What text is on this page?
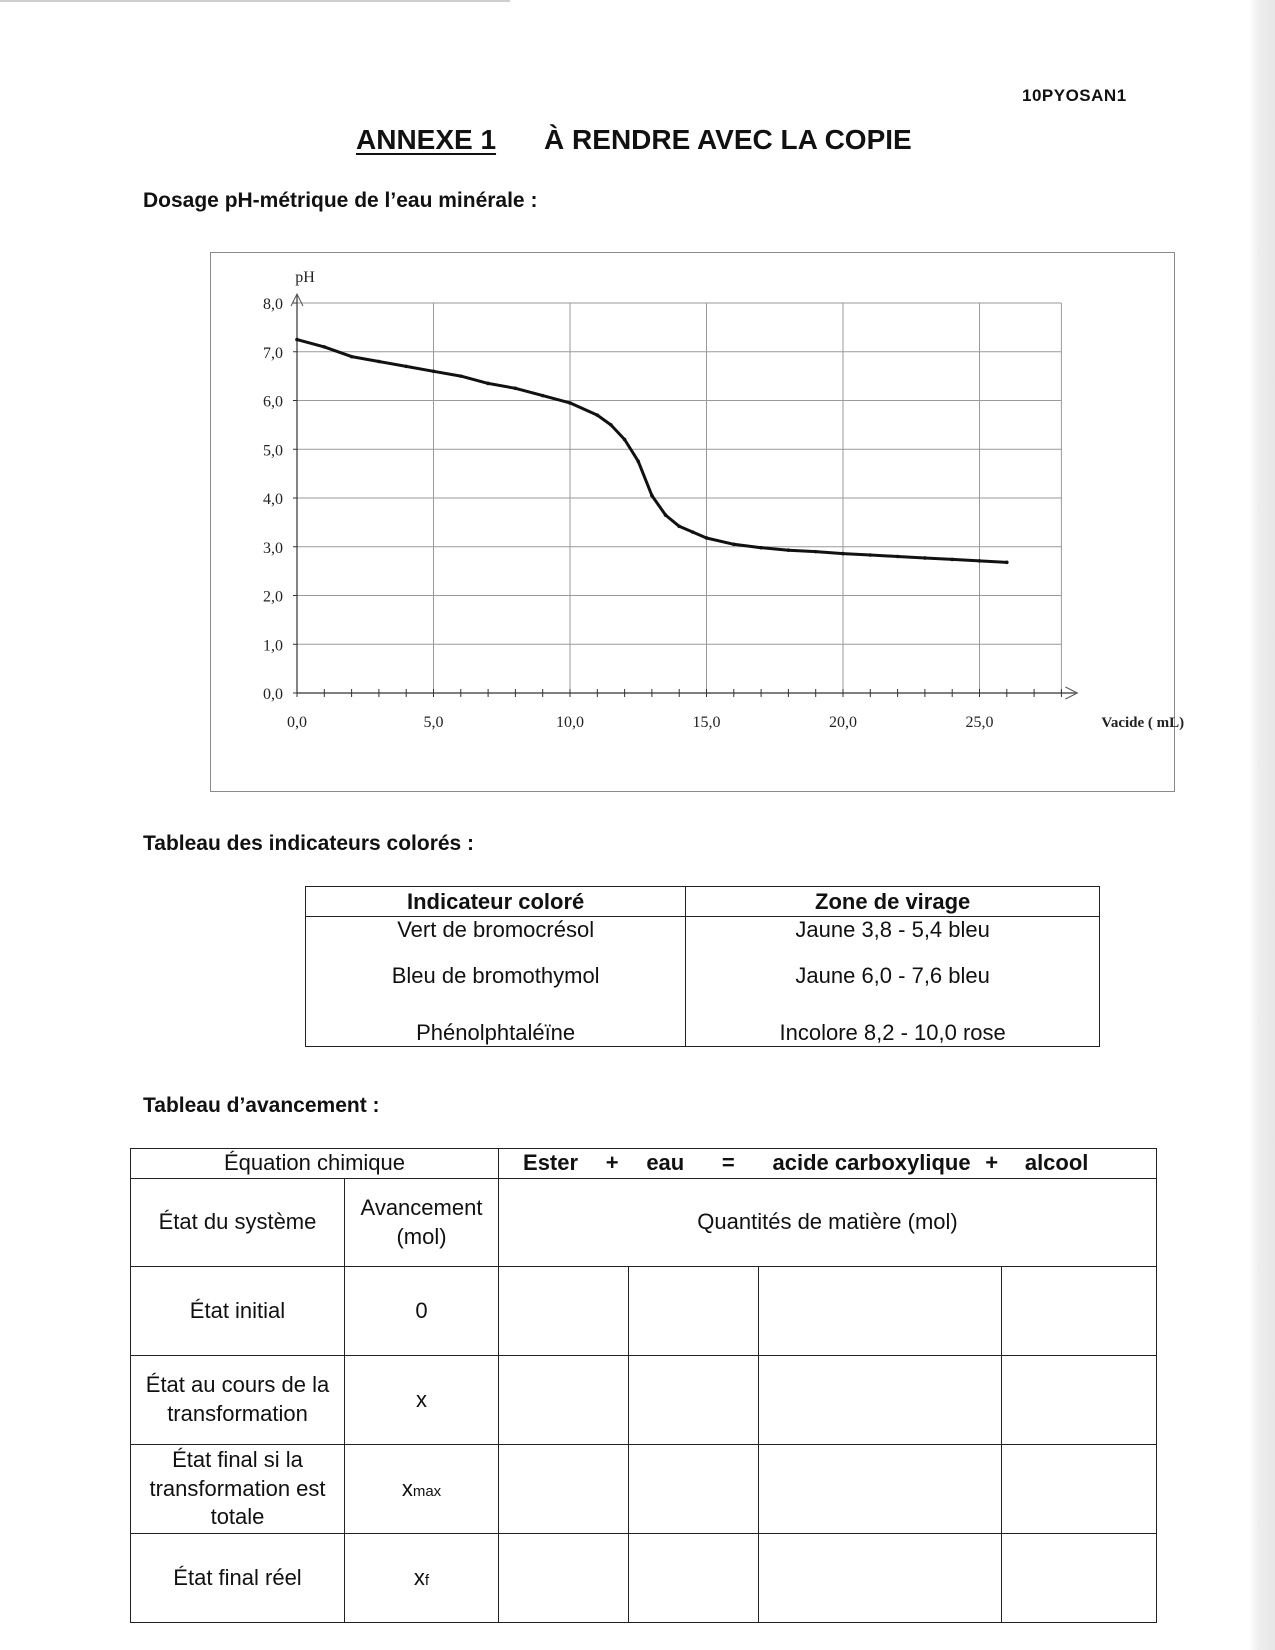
10PYOSAN1
ANNEXE 1 À RENDRE AVEC LA COPIE
Dosage pH-métrique de l’eau minérale :
0,0
1,0
2,0
3,0
4,0
5,0
6,0
7,0
8,0
0,0	5,0	10,0	15,0	20,0	25,0
pH
Vacide ( mL)
Tableau des indicateurs colorés :
Indicateur coloré	Zone de virage
Vert de bromocrésol	Jaune 3,8 - 5,4 bleu
Bleu de bromothymol	Jaune 6,0 - 7,6 bleu
Phénolphtaléïne	Incolore 8,2 - 10,0 rose
Tableau d’avancement :
Équation chimique		Ester + eau = acide carboxylique + alcool			
État du système	Avancement (mol)	Quantités de matière (mol)			
État initial	0				
État au cours de la transformation	x				
État final si la transformation est totale	xmax				
État final réel	xf				
